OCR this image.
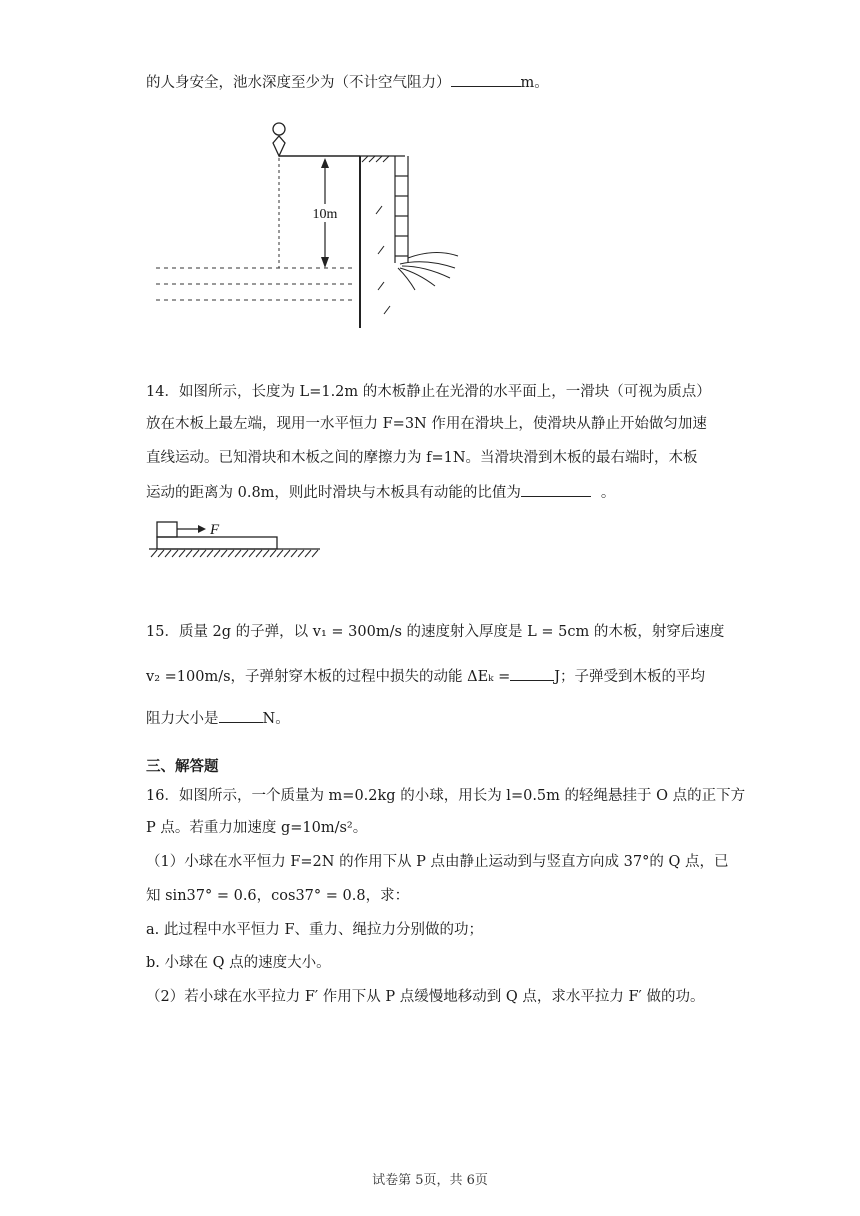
的人身安全，池水深度至少为（不计空气阻力）	m。
10m
14．如图所示，长度为 L=1.2m 的木板静止在光滑的水平面上，一滑块（可视为质点）
放在木板上最左端，现用一水平恒力 F=3N 作用在滑块上，使滑块从静止开始做匀加速
直线运动。已知滑块和木板之间的摩擦力为 f=1N。当滑块滑到木板的最右端时，木板
运动的距离为 0.8m，则此时滑块与木板具有动能的比值为	。
F
15．质量 2g 的子弹，以 v₁ = 300m/s 的速度射入厚度是 L = 5cm 的木板，射穿后速度
v₂ =100m/s，子弹射穿木板的过程中损失的动能 ΔEₖ =	J；子弹受到木板的平均
阻力大小是	N。
三、解答题
16．如图所示，一个质量为 m=0.2kg 的小球，用长为 l=0.5m 的轻绳悬挂于 O 点的正下方
P 点。若重力加速度 g=10m/s²。
（1）小球在水平恒力 F=2N 的作用下从 P 点由静止运动到与竖直方向成 37°的 Q 点，已
知 sin37° = 0.6，cos37° = 0.8，求：
a. 此过程中水平恒力 F、重力、绳拉力分别做的功；
b. 小球在 Q 点的速度大小。
（2）若小球在水平拉力 F′ 作用下从 P 点缓慢地移动到 Q 点，求水平拉力 F′ 做的功。
试卷第 5页，共 6页
